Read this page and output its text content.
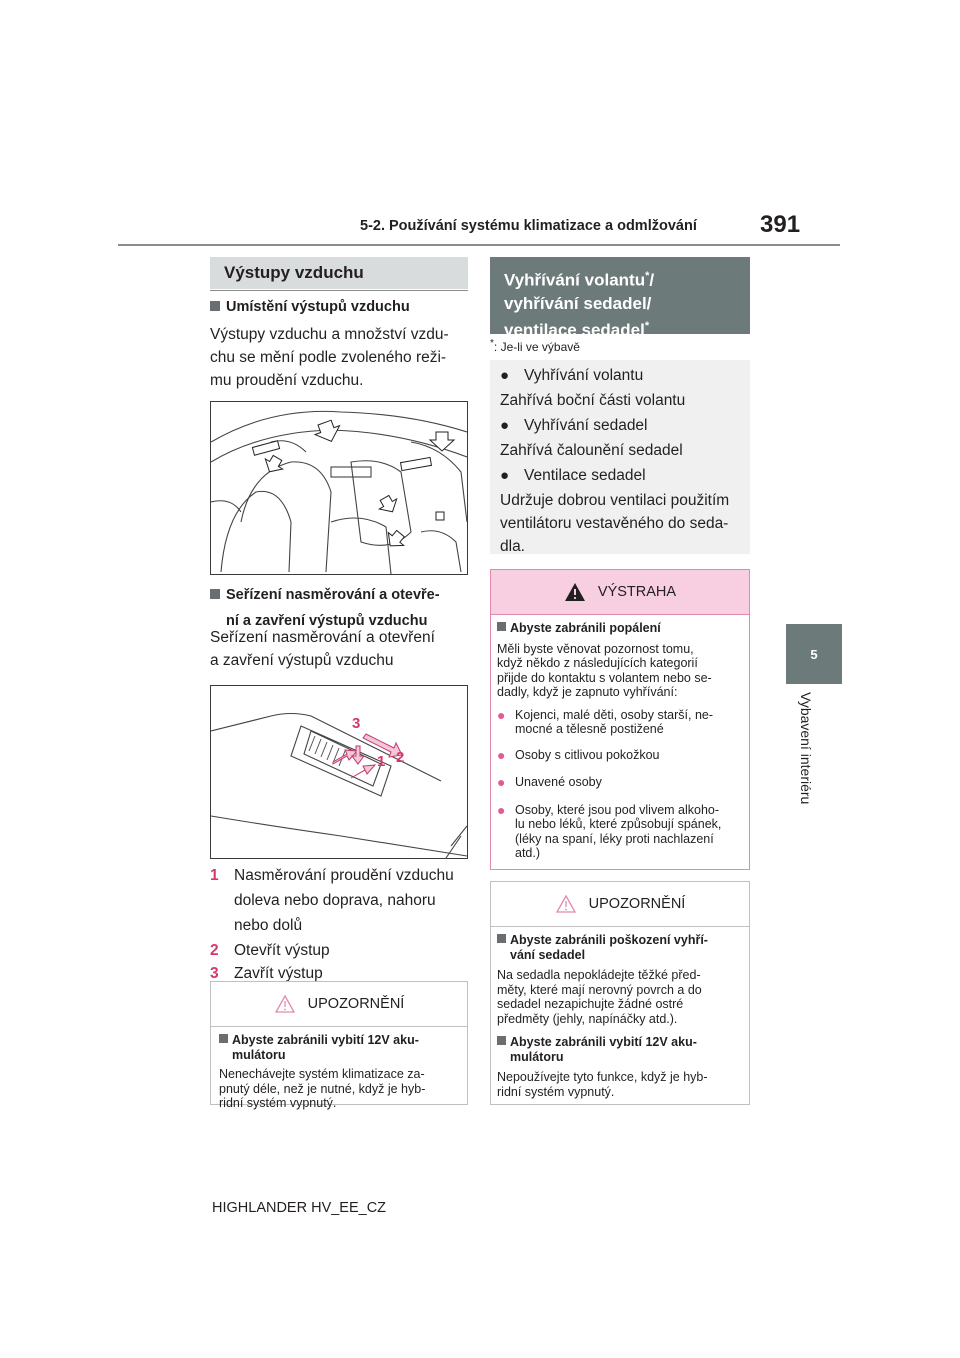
5-2. Používání systému klimatizace a odmlžování	391
5
Vybavení interiéru
Výstupy vzduchu
Umístění výstupů vzduchu
Výstupy vzduchu a množství vzdu-
chu se mění podle zvoleného reži-
mu proudění vzduchu.
Seřízení nasměrování a otevře-
ní a zavření výstupů vzduchu
Seřízení nasměrování a otevření
a zavření výstupů vzduchu
3
2
1
1 Nasměrování proudění vzduchu
doleva nebo doprava, nahoru
nebo dolů
2 Otevřít výstup
3 Zavřít výstup
UPOZORNĚNÍ
Abyste zabránili vybití 12V aku-
mulátoru
Nenechávejte systém klimatizace za-
pnutý déle, než je nutné, když je hyb-
ridní systém vypnutý.
Vyhřívání volantu*/
vyhřívání sedadel/
ventilace sedadel*
*: Je-li ve výbavě
● Vyhřívání volantu
Zahřívá boční části volantu
● Vyhřívání sedadel
Zahřívá čalounění sedadel
● Ventilace sedadel
Udržuje dobrou ventilaci použitím
ventilátoru vestavěného do seda-
dla.
VÝSTRAHA
Abyste zabránili popálení
Měli byste věnovat pozornost tomu,
když někdo z následujících kategorií
přijde do kontaktu s volantem nebo se-
dadly, když je zapnuto vyhřívání:
● Kojenci, malé děti, osoby starší, ne-
mocné a tělesně postižené
● Osoby s citlivou pokožkou
● Unavené osoby
● Osoby, které jsou pod vlivem alkoho-
lu nebo léků, které způsobují spánek,
(léky na spaní, léky proti nachlazení
atd.)
UPOZORNĚNÍ
Abyste zabránili poškození vyhří-
vání sedadel
Na sedadla nepokládejte těžké před-
měty, které mají nerovný povrch a do
sedadel nezapichujte žádné ostré
předměty (jehly, napínáčky atd.).
Abyste zabránili vybití 12V aku-
mulátoru
Nepoužívejte tyto funkce, když je hyb-
ridní systém vypnutý.
HIGHLANDER HV_EE_CZ
